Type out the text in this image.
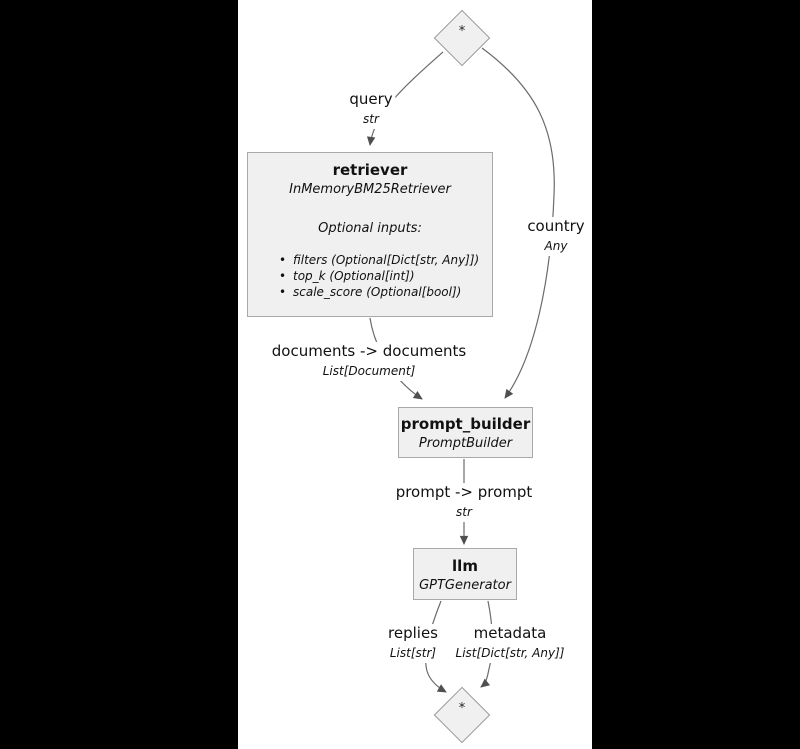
*
retriever
InMemoryBM25Retriever
Optional inputs:
• filters (Optional[Dict[str, Any]])
• top_k (Optional[int])
• scale_score (Optional[bool])
prompt_builder
PromptBuilder
llm
GPTGenerator
*
query
str
country
Any
documents -> documents
List[Document]
prompt -> prompt
str
replies
List[str]
metadata
List[Dict[str, Any]]
